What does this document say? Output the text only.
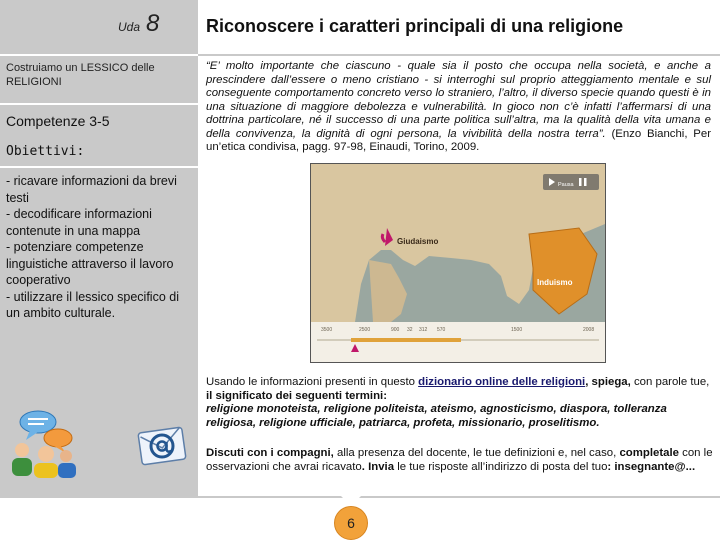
Uda 8
Costruiamo un LESSICO delle RELIGIONI
Competenze 3-5
Obiettivi:
- ricavare informazioni da brevi testi
- decodificare informazioni contenute in una mappa
- potenziare competenze linguistiche attraverso il lavoro cooperativo
- utilizzare il lessico specifico di un ambito culturale.
Riconoscere i caratteri principali di una religione
“E’ molto importante che ciascuno - quale sia il posto che occupa nella società, e anche a prescindere dall’essere o meno cristiano - si interroghi sul proprio atteggiamento mentale e sul conseguente comportamento concreto verso lo straniero, l’altro, il diverso specie quando questi è in una situazione di maggiore debolezza e vulnerabilità. In gioco non c’è infatti l’affermarsi di una dottrina particolare, né il successo di una parte politica sull’altra, ma la qualità della vita umana e della convivenza, la dignità di ogni persona, la vivibilità della nostra terra”. (Enzo Bianchi, Per un’etica condivisa, pagg. 97-98, Einaudi, Torino, 2009.
Induismo
Giudaismo
Pausa
3500	2500	900 32 312 570	1500	2008
Usando le informazioni presenti in questo dizionario online delle religioni, spiega, con parole tue, il significato dei seguenti termini:
religione monoteista, religione politeista, ateismo, agnosticismo, diaspora, tolleranza religiosa, religione ufficiale, patriarca, profeta, missionario, proselitismo.
Discuti con i compagni, alla presenza del docente, le tue definizioni e, nel caso, completale con le osservazioni che avrai ricavato. Invia le tue risposte all’indirizzo di posta del tuo: insegnante@...
6
